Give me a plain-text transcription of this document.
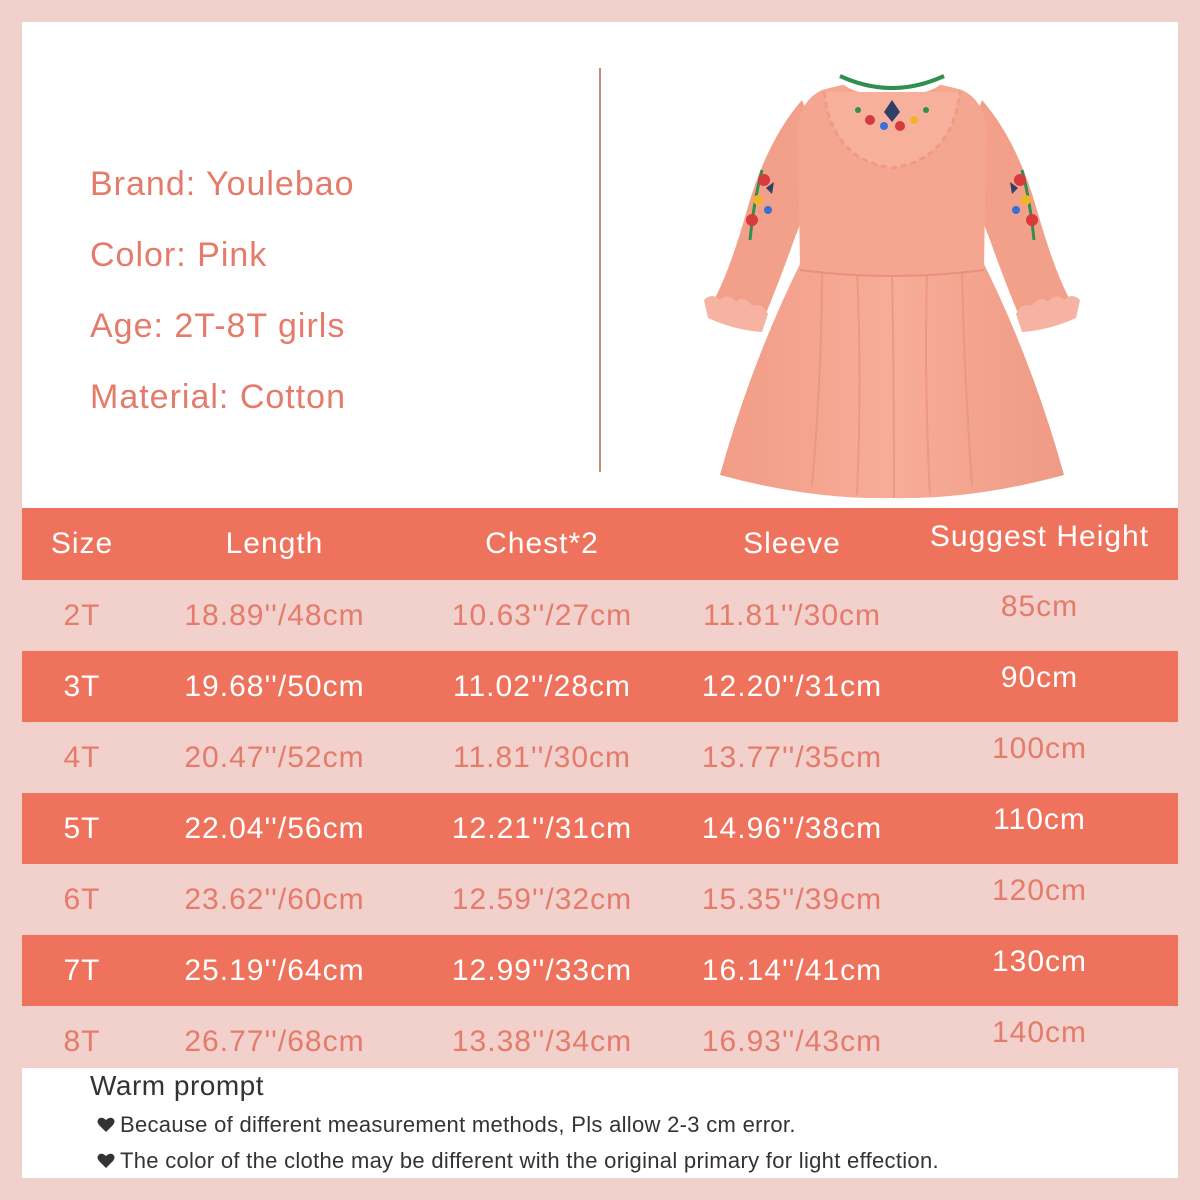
Brand: Youlebao
Color: Pink
Age: 2T-8T girls
Material: Cotton
Size	Length	Chest*2	Sleeve	Suggest Height
2T	18.89''/48cm	10.63''/27cm	11.81''/30cm	85cm
3T	19.68''/50cm	11.02''/28cm	12.20''/31cm	90cm
4T	20.47''/52cm	11.81''/30cm	13.77''/35cm	100cm
5T	22.04''/56cm	12.21''/31cm	14.96''/38cm	110cm
6T	23.62''/60cm	12.59''/32cm	15.35''/39cm	120cm
7T	25.19''/64cm	12.99''/33cm	16.14''/41cm	130cm
8T	26.77''/68cm	13.38''/34cm	16.93''/43cm	140cm
Warm prompt
Because of different measurement methods, Pls allow 2-3 cm error.
The color of the clothe may be different with the original primary for light effection.
